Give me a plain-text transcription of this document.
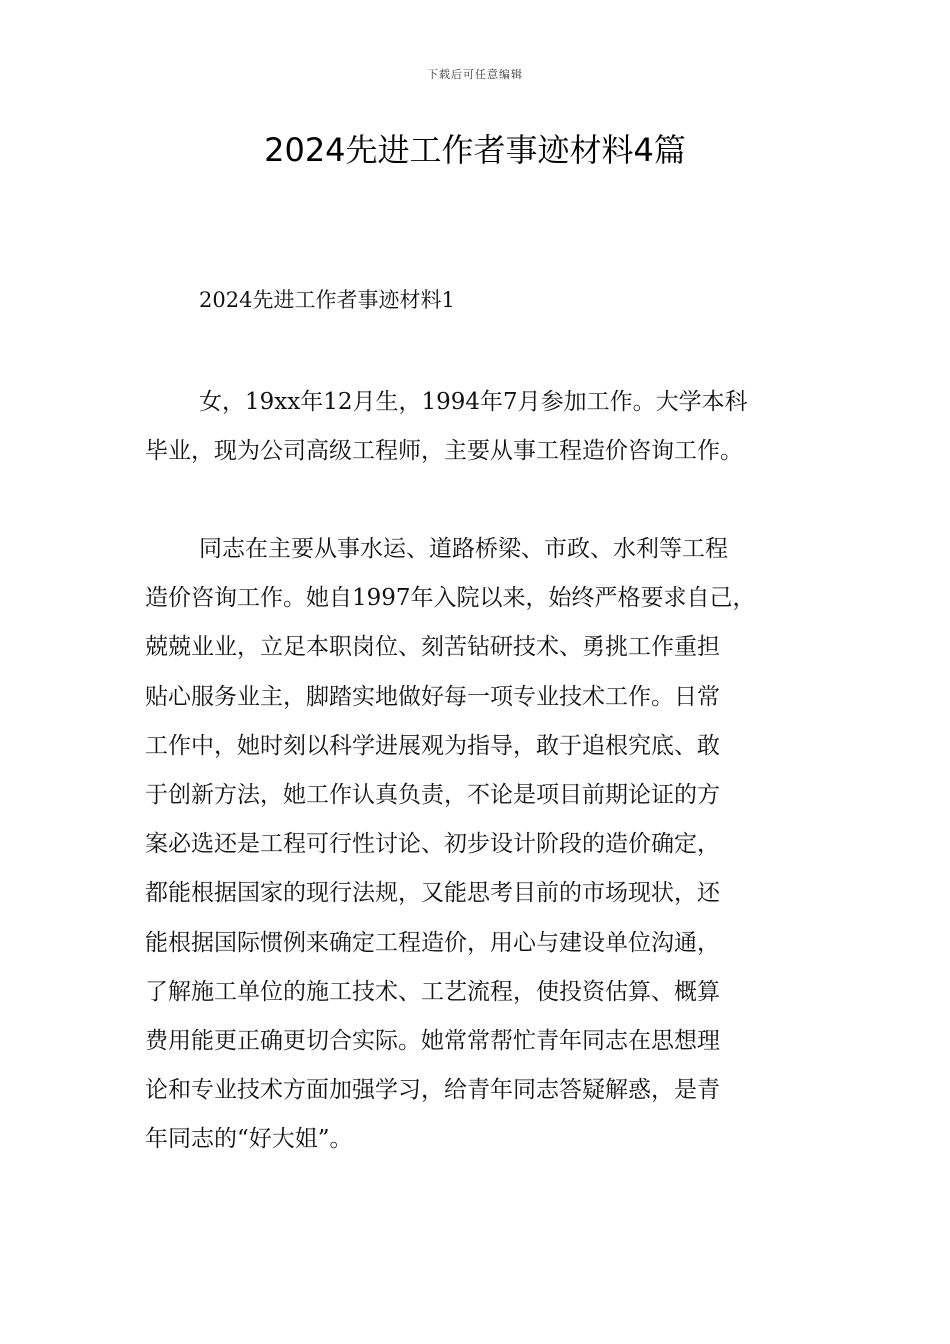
下载后可任意编辑
2024先进工作者事迹材料4篇
2024先进工作者事迹材料1
女，19xx年12月生，1994年7月参加工作。大学本科
毕业，现为公司高级工程师，主要从事工程造价咨询工作。
同志在主要从事水运、道路桥梁、市政、水利等工程
造价咨询工作。她自1997年入院以来，始终严格要求自己，
兢兢业业，立足本职岗位、刻苦钻研技术、勇挑工作重担
贴心服务业主，脚踏实地做好每一项专业技术工作。日常
工作中，她时刻以科学进展观为指导，敢于追根究底、敢
于创新方法，她工作认真负责，不论是项目前期论证的方
案必选还是工程可行性讨论、初步设计阶段的造价确定，
都能根据国家的现行法规，又能思考目前的市场现状，还
能根据国际惯例来确定工程造价，用心与建设单位沟通，
了解施工单位的施工技术、工艺流程，使投资估算、概算
费用能更正确更切合实际。她常常帮忙青年同志在思想理
论和专业技术方面加强学习，给青年同志答疑解惑，是青
年同志的“好大姐”。
